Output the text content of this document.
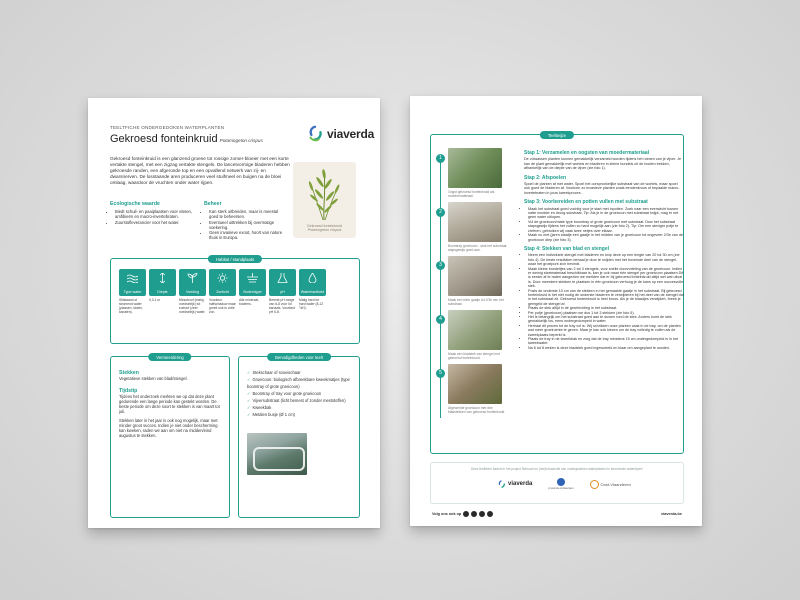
TEELTFICHE ONDERGEDOKEN WATERPLANTEN
Gekroesd fonteinkruid Potamogeton crispus	viaverda
Gekroesd fonteinkruid is een glanzend groene tot rossige zomer-bloeier met een korte vertakte stengel, met een zigzag vertakte stengels. De lancetvormige bladeren hebben gekroesde randen, een afgeronde top en een opvallend netwerk van zij- en dwarsnerven. De losstaande aren produceren veel stuifmeel en buigen na de bloei omlaag, waardoor de vruchten onder water rijpen.
Ecologische waarde
• Biedt schuil- en paaiplaatsen voor vissen, amfibieën en macro-invertebraten.
• Zuurstofleverancier voor het water.
Beheer
• Kan sterk uitbreiden, maar is meestal goed te beheersen.
• Eventueel uittrekken bij overmatige voekering.
• Geen invasieve exoot, hoort van nature thuis in Europa.
Gekroesd fonteinkruid
Potamogeton crispus
Habitat / standplaats
Type water
Stilstaand of stromend water (plassen, sloten, kanalen).
Diepte
0,3-1 m
Voeding
Mesotroof (matig voedselrijk) tot eutroof (zeer voedselrijk) water.
Zonlicht
Voorkeur halfschaduw maar groeit ook in volle zon.
Bodemtype
Alle mineraal-bodems.
pH
Breede pH-range van 6-8 voor lid kanaals. Voorkeur pH 6-8.
Waterhardheid
Matig hard tot hard water (8-12 °dH).
Vermeerdering
Stekken
Vegetatieve stekken van blad/stengel.
Tijdstip
Tijdens het onderzoek merkten we op dat deze plant gedurende een lange periode kan gestekt worden. De beste periode om deze soort te stekken is van maart tot juli.
Stekken later in het jaar is ook nog mogelijk, maar met minder groot succes. Indien je niet onder bescherming kan kweken, raden we aan om niet na midden/eind augustus te stekken.
Benodigdheden voor teelt
✓ Stekschaar of snoeischaar
✓ Groeicoon: biologisch afbreekbare kweekmatjes (type boomtray of grote groeicoon)
✓ Boomtray of tray voor grote groeicoon
✓ Vijversubstraat (licht bemest of zonder meststoffen)
✓ Kweekbak
✓ Metalen busje (Ø 1 cm)
Teeltwijze
1
Oogst gekroesd fonteinkruid als moedermateriaal.
2
Boomtray groeicoon - stuk het substraat stapsgewijs goed aan.
3
Maak een klein gaatje tot 2/3e van het substraat.
4
Maak een bladstek van stengel met gekroesd fonteinkruid.
5
Afgewerkte groeicoon met drie bladstekken van gekroesd fonteinkruid.
Stap 1: Verzamelen en oogsten van moedermateriaal
De volwassen planten kunnen gemakkelijk verzameld worden tijdens het ruimen van je vijver. Je kan de plant gemakkelijk met wortels en bladeren in kleine bundels uit de bodem trekken, afhankelijk van de diepte van de vijver (zie foto 1).
Stap 2: Afspoelen
Spoel de planten af met water. Spoel het oorspronkelijke substraat van de wortels, maar spoel ook goed de bladeren af. Voorkom zo invasieve planten zoals eendenkroos of bepaalde macro-invertebraten in jouw kweekproces.
Stap 3: Voorbereiden en potten vullen met substraat
• Maak het substraat goed vochtig voor je start met inpotten. Zoek naar een evenwicht tussen natte modder en droog substraat. Tip: Als je in de groeicoon met substraat knijpt, mag er net geen water uitlopen.
• Vul de groeicoon/mate type boomtray of grote groeicoon met substraat. Duw het substraat stapsgewijs tijdens het vullen zo hard mogelijk aan (zie foto 2). Tip: Om een steviger potje te creëren, gebruiken wij vaak twee netjes over elkaar.
• Maak nu met (jaren staafje een gaatje in het midden van je groeicoon tot ongeveer 2/3e van de groeicoon diep (zie foto 3).
Stap 4: Stekken van blad en stengel
• Neem een individuele stengel met bladeren en knip deze op een lengte van 20 tot 30 cm (zie foto 4). De beste resultaten behaal je door te snijden met het bovenste deel van de stengel, waar het groeipunt zich bevindt.
• Maak kleine bundeltjes van 2 tot 3 stengels, voor snelle doorvorteling van de groeicoon. Indien er weinig startmateriaal beschikbaar is, kan je ook maar één stengel per groeicoon plaatsen.Dit is eerder af te raden aangezien we merkten dat er bij gekroesd fonteinkruid altijd wel wat uitval is. Door meerdere stekken te plaatsen in één groeicoon verhoog je de kans op een succesvolle stek.
• Posts de onderste 10 cm van de stekken in het gemaakte gaatje in het substraat. Bij gekroesd fonteinkruid is het niet nodig de onderste bladeren te verwijderen bij het deel van de stengel dat in het substraat zit. Gekroesd fonteinkruid is heel broos. Als je de blaadjes verwijdert, breek je geregeld de stengel af.
• Plaats de stek altijd in de groeirichting in het substraat.
• Per potje (groeicoon) plaatsen we dus 1 tot 3 stekken (zie foto 5).
• Het is belangrijk om het substraat goed aan te duwen rond de stek. Anders komt de stek gemakkelijk los, eens ondergedompeld in water.
• Herhaal dit proces tot de tray vol is. Wij schrikken onze planten vaak in de tray, om de planten wat meer groeiruimte te geven. Maar je kan ook kiezen om de tray volledig te vullen als de kweekplaats beperkt is.
• Plaats de tray in de kweekbak en zorg dat de tray minstens 15 cm ondergedompeld is in het kweekwater.
• Na 6 tot 8 weken is deze bladstek goed ingeworteld en klaar om aangeplant te worden.
Deze teeltfiche kadert in het project 'Behoud en (her)introductie van ondergedoken waterplanten in stromende waterlopen'
viaverda
provincie Antwerpen
Oost-Vlaanderen
Volg ons ook op	viaverda.be
